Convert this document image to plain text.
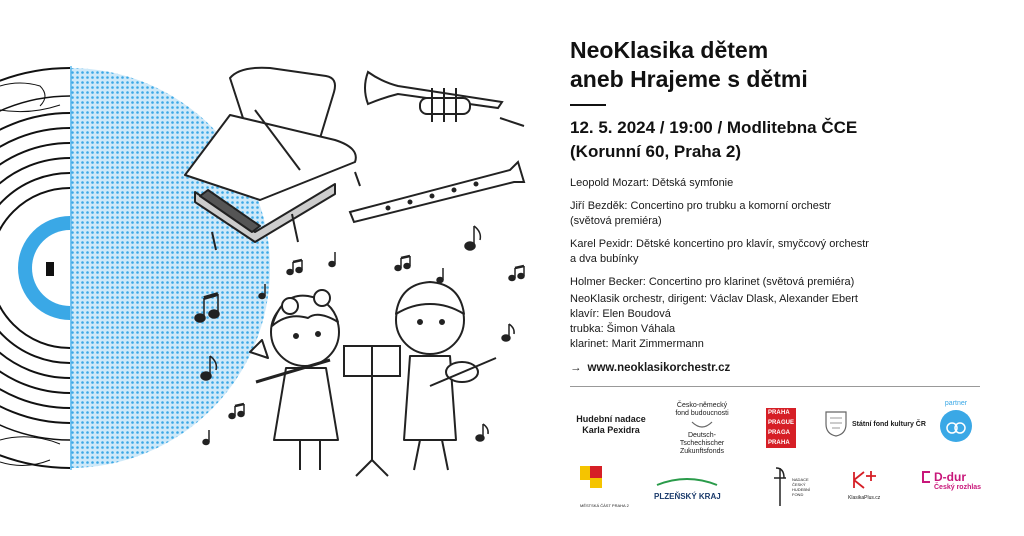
NeoKlasika dětem
aneb Hrajeme s dětmi
12. 5. 2024 / 19:00 / Modlitebna ČCE
(Korunní 60, Praha 2)
Leopold Mozart: Dětská symfonie
Jiří Bezděk: Concertino pro trubku a komorní orchestr
(světová premiéra)
Karel Pexidr: Dětské koncertino pro klavír, smyčcový orchestr
a dva bubínky
Holmer Becker: Concertino pro klarinet (světová premiéra)
NeoKlasik orchestr, dirigent: Václav Dlask, Alexander Ebert
klavír: Elen Boudová
trubka: Šimon Váhala
klarinet: Marit Zimmermann
→ www.neoklasikorchestr.cz
Hudební nadace
Karla Pexidra
Česko-německý
fond budoucnosti
Deutsch-Tschechischer
Zukunftsfonds
PRA HA
PRA GUE
PRA GA
PRA HA
Státní fond kultury ČR
partner
MĚSTSKÁ ČÁST PRAHA 2
PLZEŇSKÝ KRAJ
NADACE
ČESKÝ
HUDEBNÍ
FOND
KlasikaPlus.cz
D-dur
Český rozhlas
